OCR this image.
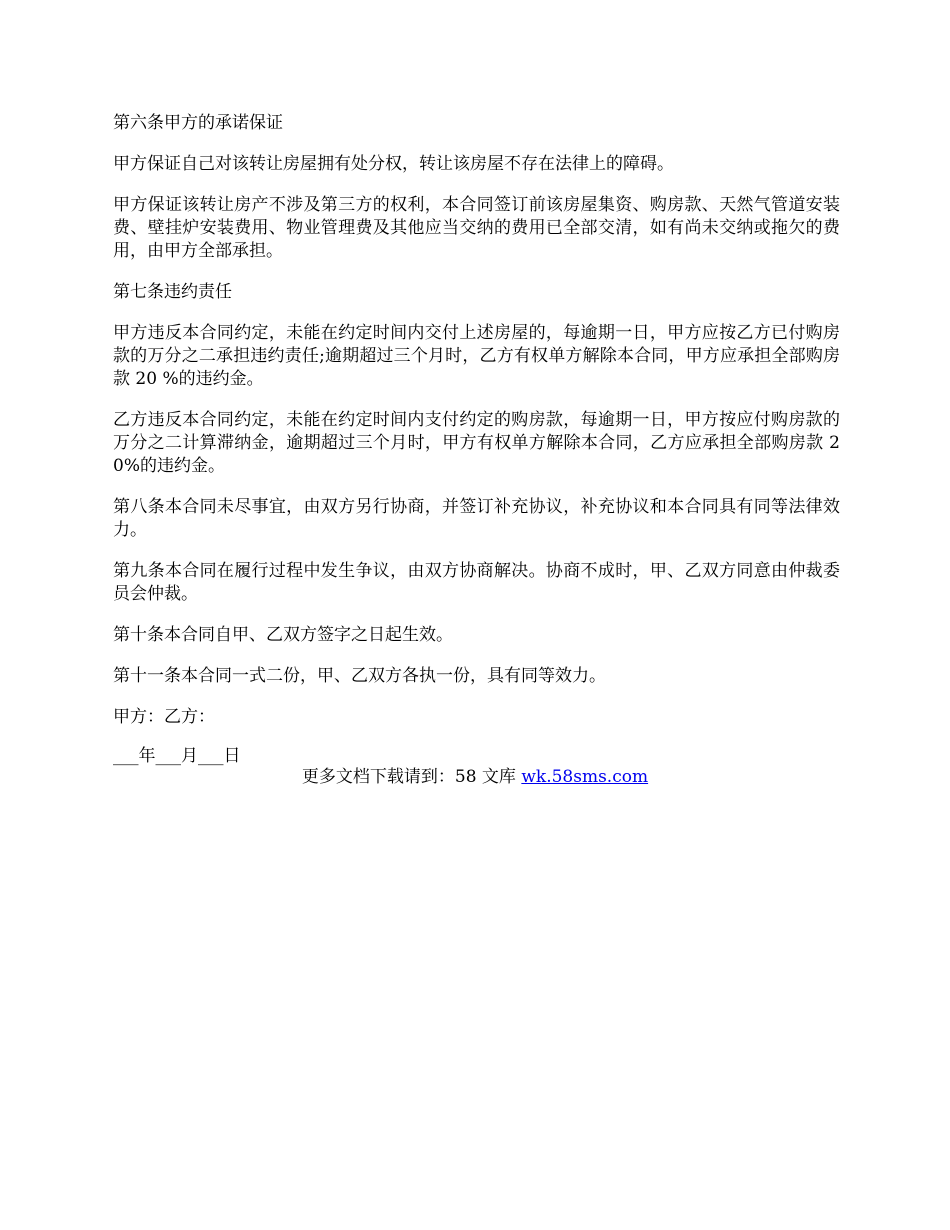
第六条甲方的承诺保证

甲方保证自己对该转让房屋拥有处分权，转让该房屋不存在法律上的障碍。

甲方保证该转让房产不涉及第三方的权利，本合同签订前该房屋集资、购房款、天然气管道安装费、壁挂炉安装费用、物业管理费及其他应当交纳的费用已全部交清，如有尚未交纳或拖欠的费用，由甲方全部承担。

第七条违约责任

甲方违反本合同约定，未能在约定时间内交付上述房屋的，每逾期一日，甲方应按乙方已付购房款的万分之二承担违约责任;逾期超过三个月时，乙方有权单方解除本合同，甲方应承担全部购房款 20 %的违约金。

乙方违反本合同约定，未能在约定时间内支付约定的购房款，每逾期一日，甲方按应付购房款的万分之二计算滞纳金，逾期超过三个月时，甲方有权单方解除本合同，乙方应承担全部购房款 20%的违约金。

第八条本合同未尽事宜，由双方另行协商，并签订补充协议，补充协议和本合同具有同等法律效力。

第九条本合同在履行过程中发生争议，由双方协商解决。协商不成时，甲、乙双方同意由仲裁委员会仲裁。

第十条本合同自甲、乙双方签字之日起生效。

第十一条本合同一式二份，甲、乙双方各执一份，具有同等效力。

甲方：乙方：

___年___月___日

更多文档下载请到：58 文库 wk.58sms.com
